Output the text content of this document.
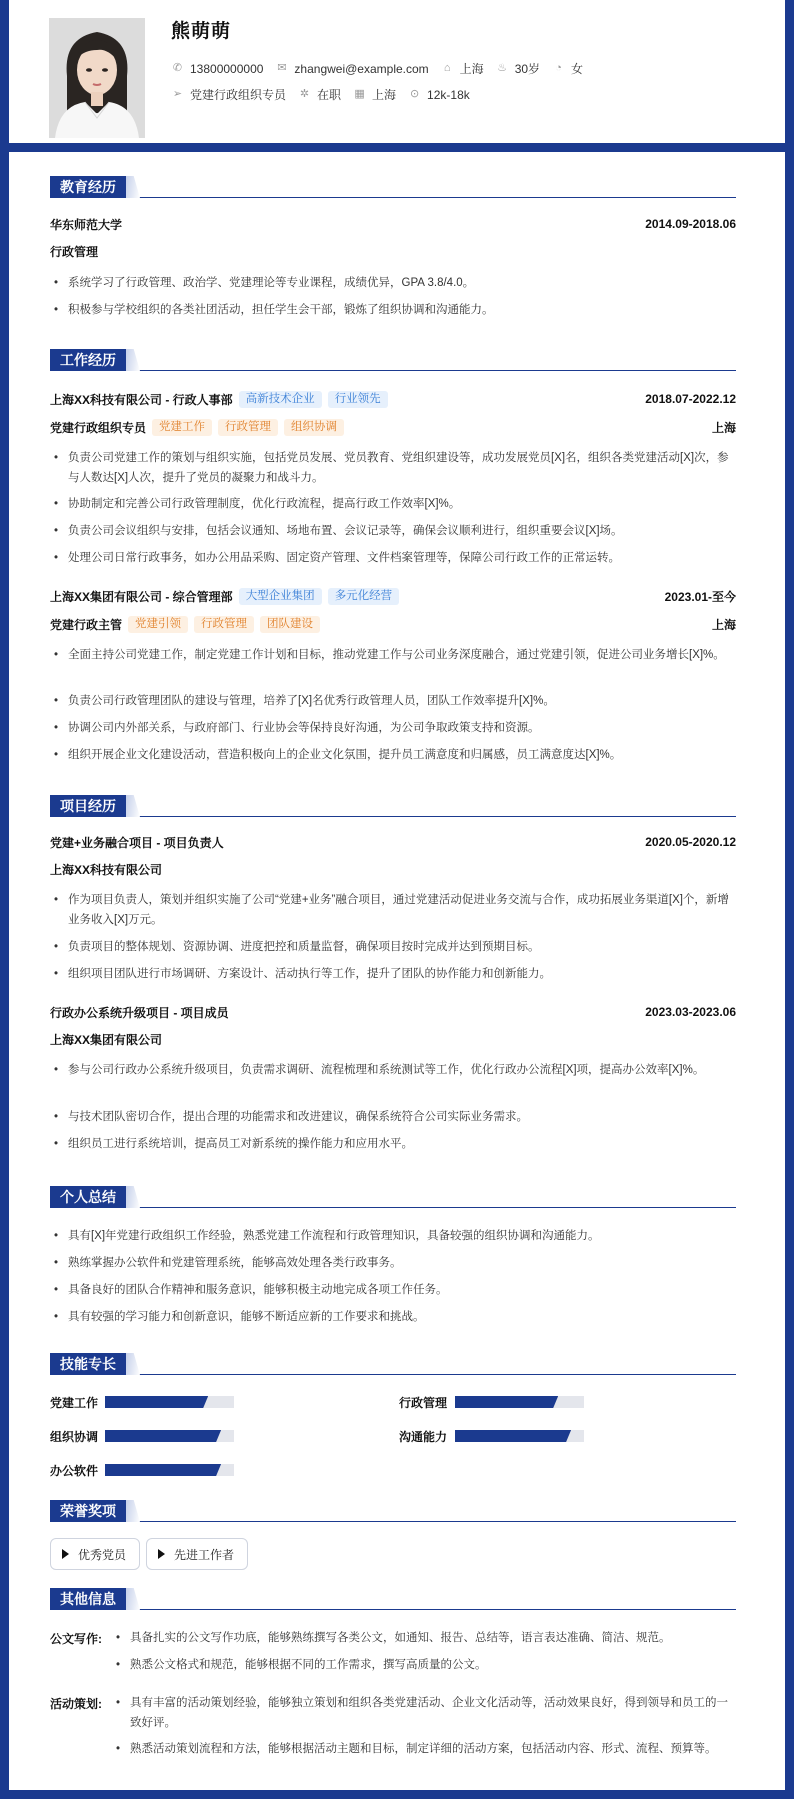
熊萌萌
✆ 13800000000 ✉ zhangwei@example.com ⌂ 上海 ♨ 30岁 ◔ 女
➢ 党建行政组织专员 ✲ 在职 ▦ 上海 ⊙ 12k-18k
教育经历
华东师范大学	2014.09-2018.06
行政管理
• 系统学习了行政管理、政治学、党建理论等专业课程，成绩优异，GPA 3.8/4.0。
• 积极参与学校组织的各类社团活动，担任学生会干部，锻炼了组织协调和沟通能力。
工作经历
上海XX科技有限公司 - 行政人事部	高新技术企业	行业领先	2018.07-2022.12
党建行政组织专员	党建工作	行政管理	组织协调	上海
• 负责公司党建工作的策划与组织实施，包括党员发展、党员教育、党组织建设等，成功发展党员[X]名，组织各类党建活动[X]次，参与人数达[X]人次，提升了党员的凝聚力和战斗力。
• 协助制定和完善公司行政管理制度，优化行政流程，提高行政工作效率[X]%。
• 负责公司会议组织与安排，包括会议通知、场地布置、会议记录等，确保会议顺利进行，组织重要会议[X]场。
• 处理公司日常行政事务，如办公用品采购、固定资产管理、文件档案管理等，保障公司行政工作的正常运转。
上海XX集团有限公司 - 综合管理部	大型企业集团	多元化经营	2023.01-至今
党建行政主管	党建引领	行政管理	团队建设	上海
• 全面主持公司党建工作，制定党建工作计划和目标，推动党建工作与公司业务深度融合，通过党建引领，促进公司业务增长[X]%。
• 负责公司行政管理团队的建设与管理，培养了[X]名优秀行政管理人员，团队工作效率提升[X]%。
• 协调公司内外部关系，与政府部门、行业协会等保持良好沟通，为公司争取政策支持和资源。
• 组织开展企业文化建设活动，营造积极向上的企业文化氛围，提升员工满意度和归属感，员工满意度达[X]%。
项目经历
党建+业务融合项目 - 项目负责人	2020.05-2020.12
上海XX科技有限公司
• 作为项目负责人，策划并组织实施了公司“党建+业务”融合项目，通过党建活动促进业务交流与合作，成功拓展业务渠道[X]个，新增业务收入[X]万元。
• 负责项目的整体规划、资源协调、进度把控和质量监督，确保项目按时完成并达到预期目标。
• 组织项目团队进行市场调研、方案设计、活动执行等工作，提升了团队的协作能力和创新能力。
行政办公系统升级项目 - 项目成员	2023.03-2023.06
上海XX集团有限公司
• 参与公司行政办公系统升级项目，负责需求调研、流程梳理和系统测试等工作，优化行政办公流程[X]项，提高办公效率[X]%。
• 与技术团队密切合作，提出合理的功能需求和改进建议，确保系统符合公司实际业务需求。
• 组织员工进行系统培训，提高员工对新系统的操作能力和应用水平。
个人总结
• 具有[X]年党建行政组织工作经验，熟悉党建工作流程和行政管理知识，具备较强的组织协调和沟通能力。
• 熟练掌握办公软件和党建管理系统，能够高效处理各类行政事务。
• 具备良好的团队合作精神和服务意识，能够积极主动地完成各项工作任务。
• 具有较强的学习能力和创新意识，能够不断适应新的工作要求和挑战。
技能专长
党建工作	行政管理
组织协调	沟通能力
办公软件
荣誉奖项
优秀党员	先进工作者
其他信息
公文写作:	• 具备扎实的公文写作功底，能够熟练撰写各类公文，如通知、报告、总结等，语言表达准确、简洁、规范。
• 熟悉公文格式和规范，能够根据不同的工作需求，撰写高质量的公文。
活动策划:	• 具有丰富的活动策划经验，能够独立策划和组织各类党建活动、企业文化活动等，活动效果良好，得到领导和员工的一致好评。
• 熟悉活动策划流程和方法，能够根据活动主题和目标，制定详细的活动方案，包括活动内容、形式、流程、预算等。
